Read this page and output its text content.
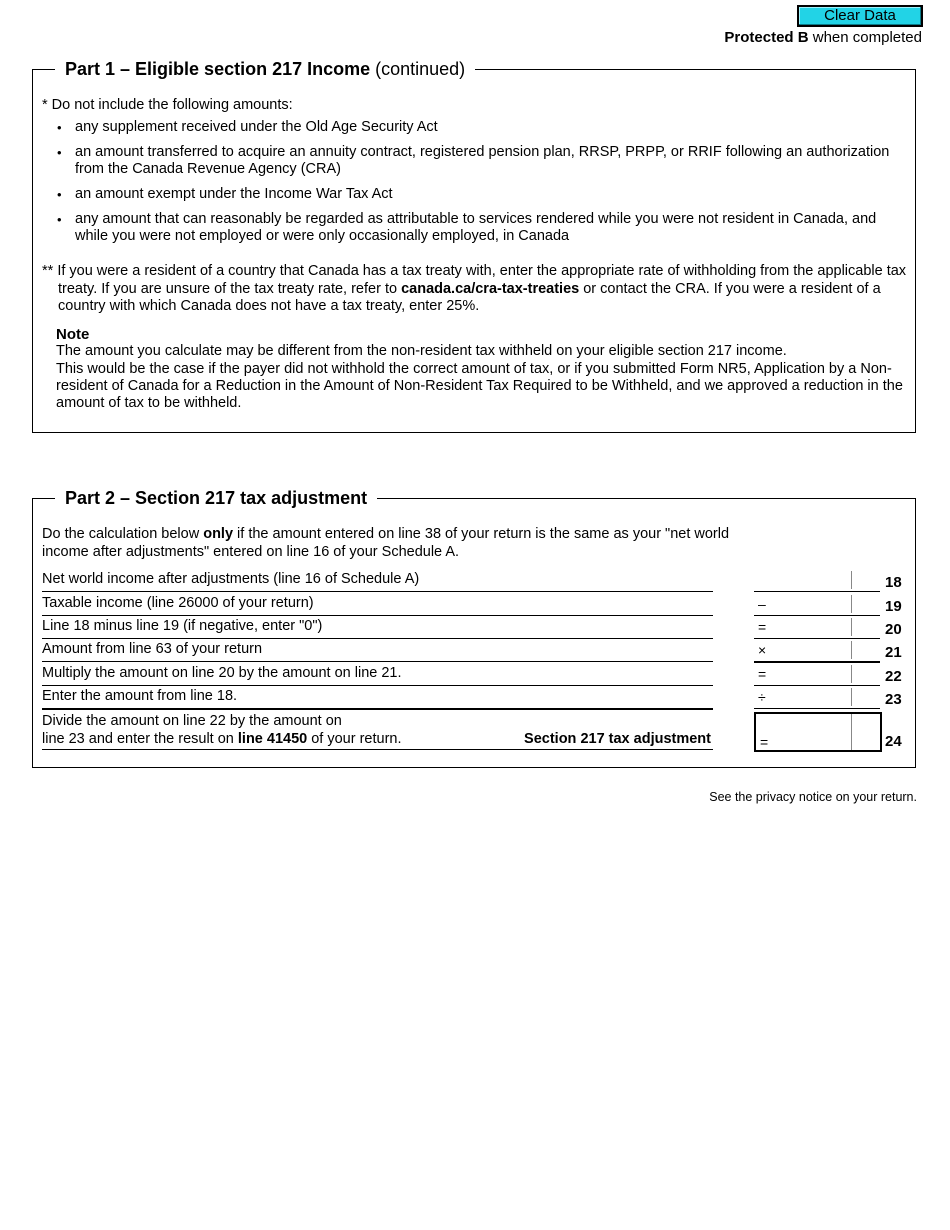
Clear Data
Protected B when completed
Part 1 – Eligible section 217 Income (continued)
* Do not include the following amounts:
• any supplement received under the Old Age Security Act
• an amount transferred to acquire an annuity contract, registered pension plan, RRSP, PRPP, or RRIF following an authorization from the Canada Revenue Agency (CRA)
• an amount exempt under the Income War Tax Act
• any amount that can reasonably be regarded as attributable to services rendered while you were not resident in Canada, and while you were not employed or were only occasionally employed, in Canada
** If you were a resident of a country that Canada has a tax treaty with, enter the appropriate rate of withholding from the applicable tax treaty. If you are unsure of the tax treaty rate, refer to canada.ca/cra-tax-treaties or contact the CRA. If you were a resident of a country with which Canada does not have a tax treaty, enter 25%.
Note
The amount you calculate may be different from the non-resident tax withheld on your eligible section 217 income.
This would be the case if the payer did not withhold the correct amount of tax, or if you submitted Form NR5, Application by a Non-resident of Canada for a Reduction in the Amount of Non-Resident Tax Required to be Withheld, and we approved a reduction in the amount of tax to be withheld.
Part 2 – Section 217 tax adjustment
Do the calculation below only if the amount entered on line 38 of your return is the same as your "net world income after adjustments" entered on line 16 of your Schedule A.
Net world income after adjustments (line 16 of Schedule A)	18
Taxable income (line 26000 of your return)	–	19
Line 18 minus line 19 (if negative, enter "0")	=	20
Amount from line 63 of your return	×	21
Multiply the amount on line 20 by the amount on line 21.	=	22
Enter the amount from line 18.	÷	23
Divide the amount on line 22 by the amount on
line 23 and enter the result on line 41450 of your return.	Section 217 tax adjustment	=	24
See the privacy notice on your return.
